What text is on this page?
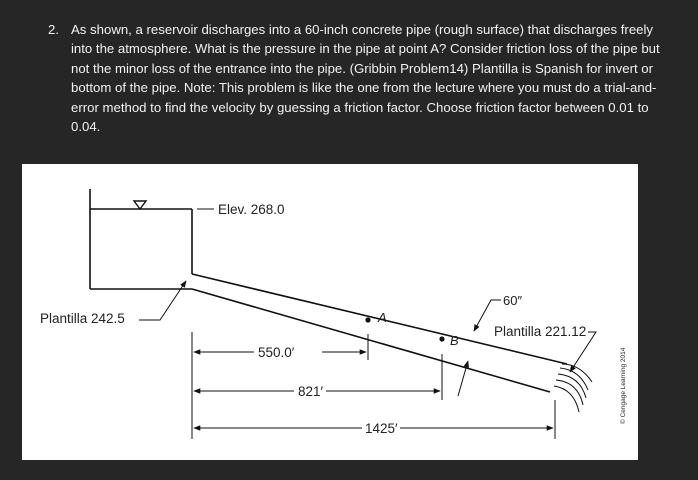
2. As shown, a reservoir discharges into a 60-inch concrete pipe (rough surface) that discharges freely into the atmosphere. What is the pressure in the pipe at point A? Consider friction loss of the pipe but not the minor loss of the entrance into the pipe. (Gribbin Problem14) Plantilla is Spanish for invert or bottom of the pipe. Note: This problem is like the one from the lecture where you must do a trial-and-error method to find the velocity by guessing a friction factor. Choose friction factor between 0.01 to 0.04.
Elev. 268.0
Plantilla 242.5	A
B
60″
Plantilla 221.12
550.0′
821′
1425′
© Cengage Learning 2014
